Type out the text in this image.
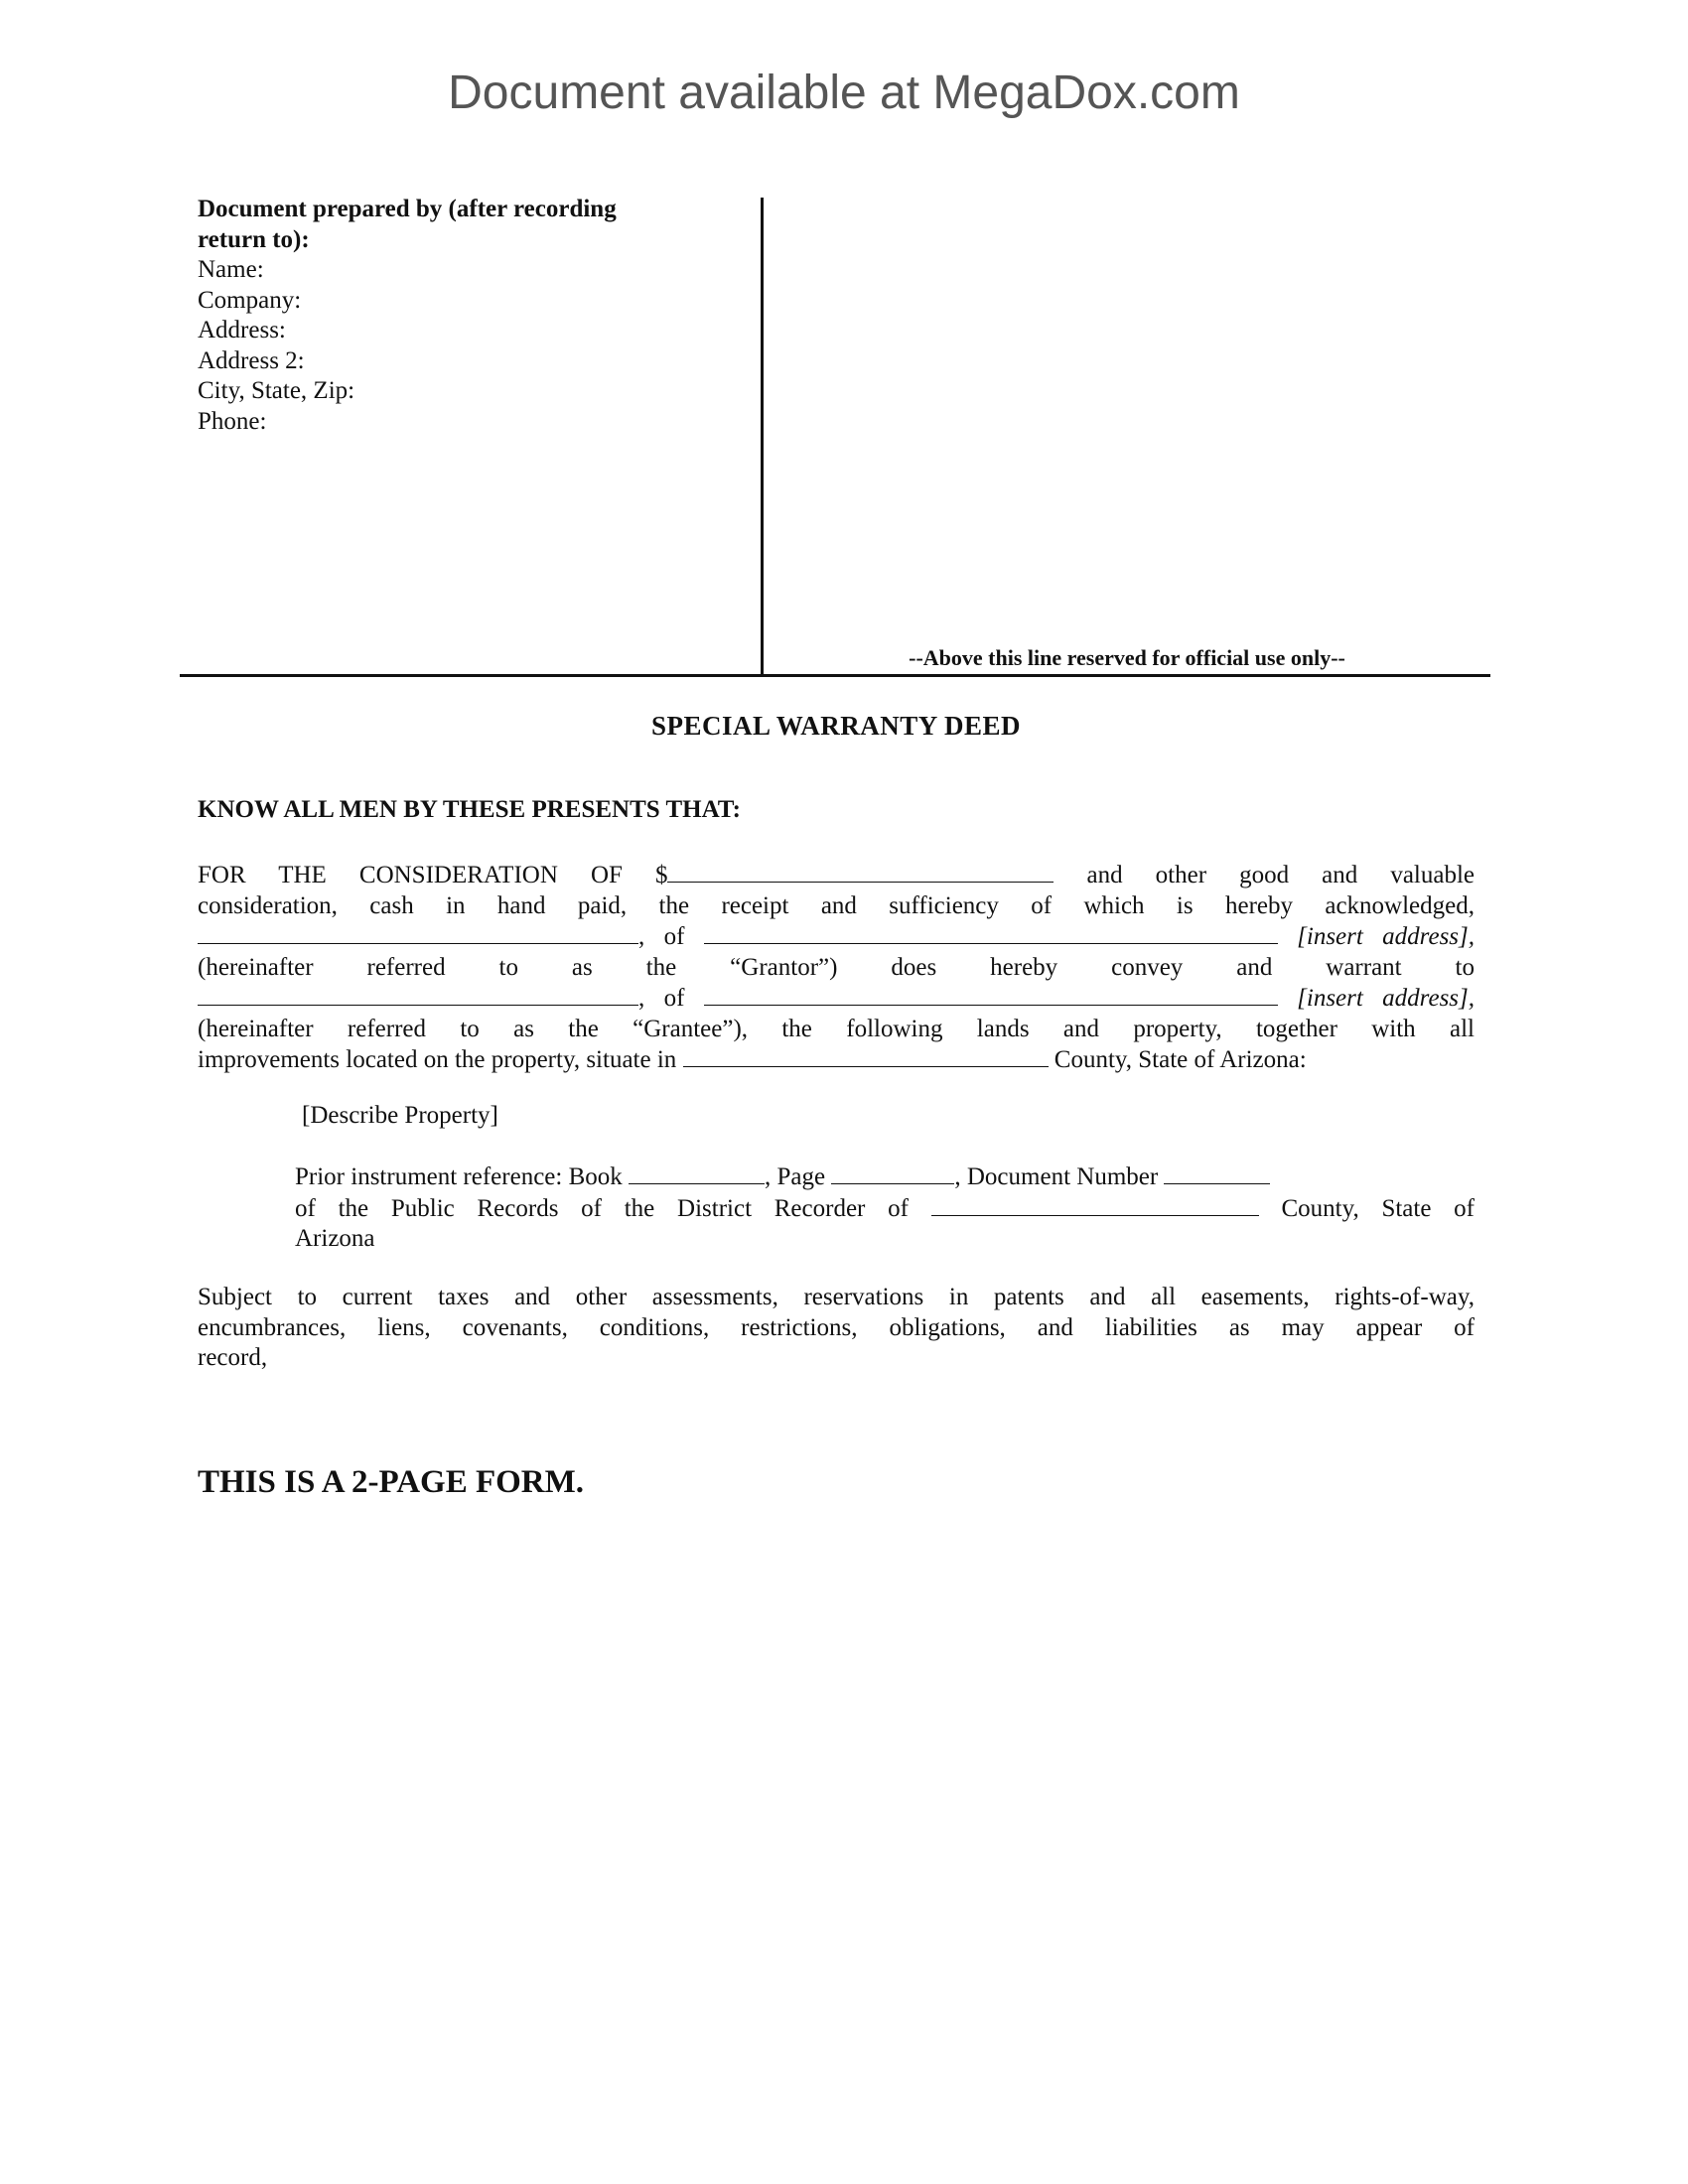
Document available at MegaDox.com
Document prepared by (after recording
return to):
Name:
Company:
Address:
Address 2:
City, State, Zip:
Phone:
--Above this line reserved for official use only--
SPECIAL WARRANTY DEED
KNOW ALL MEN BY THESE PRESENTS THAT:
FOR THE CONSIDERATION OF $	and other good and valuable
consideration, cash in hand paid, the receipt and sufficiency of which is hereby acknowledged,
, of	[insert address],
(hereinafter referred to as the “Grantor”) does hereby convey and warrant to
, of	[insert address],
(hereinafter referred to as the “Grantee”), the following lands and property, together with all
improvements located on the property, situate in	County, State of Arizona:
[Describe Property]
Prior instrument reference: Book	, Page	, Document Number
of the Public Records of the District Recorder of	County, State of
Arizona
Subject to current taxes and other assessments, reservations in patents and all easements, rights-of-way,
encumbrances, liens, covenants, conditions, restrictions, obligations, and liabilities as may appear of
record,
THIS IS A 2-PAGE FORM.
